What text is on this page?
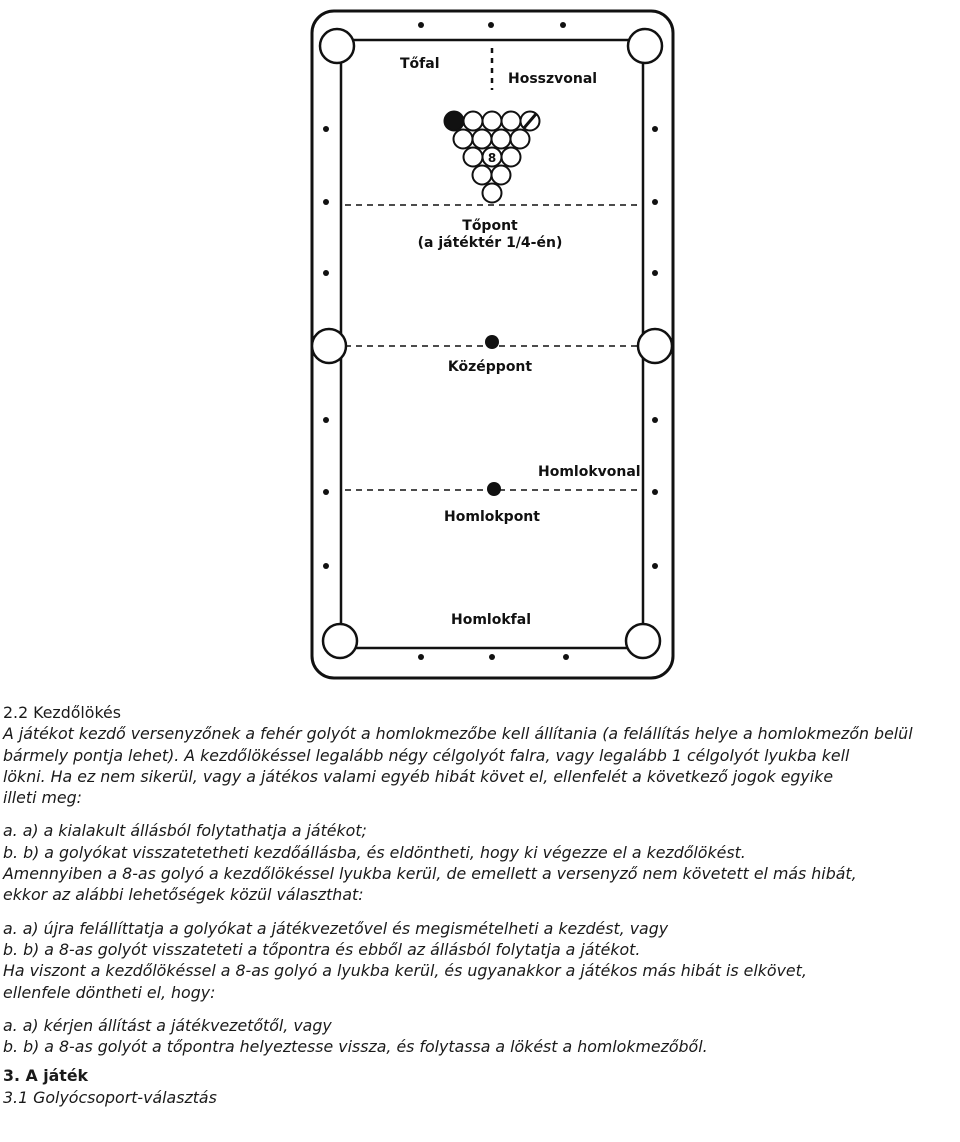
8
Tőfal
Hosszvonal
Tőpont
(a játéktér 1/4-én)
Középpont
Homlokvonal
Homlokpont
Homlokfal

2.2 Kezdőlökés

A játékot kezdő versenyzőnek a fehér golyót a homlokmezőbe kell állítania (a felállítás helye a homlokmezőn belül

bármely pontja lehet). A kezdőlökéssel legalább négy célgolyót falra, vagy legalább 1 célgolyót lyukba kell

lökni. Ha ez nem sikerül, vagy a játékos valami egyéb hibát követ el, ellenfelét a következő jogok egyike

illeti meg:

a. a) a kialakult állásból folytathatja a játékot;

b. b) a golyókat visszatetetheti kezdőállásba, és eldöntheti, hogy ki végezze el a kezdőlökést.

Amennyiben a 8-as golyó a kezdőlökéssel lyukba kerül, de emellett a versenyző nem követett el más hibát,

ekkor az alábbi lehetőségek közül választhat:

a. a) újra felállíttatja a golyókat a játékvezetővel és megismételheti a kezdést, vagy

b. b) a 8-as golyót visszateteti a tőpontra és ebből az állásból folytatja a játékot.

Ha viszont a kezdőlökéssel a 8-as golyó a lyukba kerül, és ugyanakkor a játékos más hibát is elkövet,

ellenfele döntheti el, hogy:

a. a) kérjen állítást a játékvezetőtől, vagy

b. b) a 8-as golyót a tőpontra helyeztesse vissza, és folytassa a lökést a homlokmezőből.

3. A játék

3.1 Golyócsoport-választás
